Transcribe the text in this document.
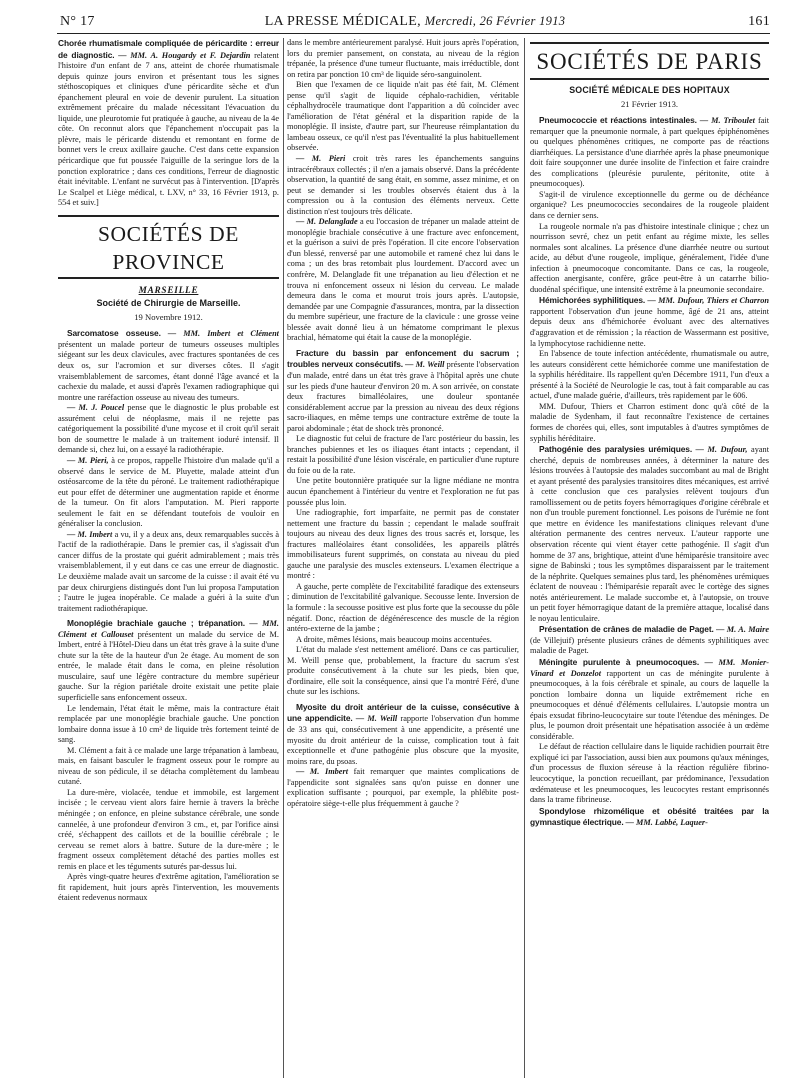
N° 17	LA PRESSE MÉDICALE, Mercredi, 26 Février 1913	161

Chorée rhumatismale compliquée de péricardite : erreur de diagnostic. — MM. A. Hougardy et F. Dejardin relatent l'histoire d'un enfant de 7 ans, atteint de chorée rhumatismale depuis quinze jours environ et présentant tous les signes stéthoscopiques et cliniques d'une péricardite sèche et d'un épanchement pleural en voie de devenir purulent. La situation extrêmement précaire du malade nécessitant l'évacuation du liquide, une pleurotomie fut pratiquée à gauche, au niveau de la 4e côte. On reconnut alors que l'épanchement n'occupait pas la plèvre, mais le péricarde distendu et remontant en forme de bonnet vers le creux axillaire gauche. C'est dans cette expansion péricardique que fut poussée l'aiguille de la seringue lors de la ponction exploratrice ; dans ces conditions, l'erreur de diagnostic était inévitable. L'enfant ne survécut pas à l'intervention. [D'après Le Scalpel et Liège médical, t. LXV, n° 33, 16 Février 1913, p. 554 et suiv.]

SOCIÉTÉS DE PROVINCE
MARSEILLE
Société de Chirurgie de Marseille.
19 Novembre 1912.

Sarcomatose osseuse. — MM. Imbert et Clément présentent un malade porteur de tumeurs osseuses multiples siégeant sur les deux clavicules, avec fractures spontanées de ces deux os, sur l'acromion et sur diverses côtes. Il s'agit vraisemblablement de sarcomes, étant donné l'âge avancé et la cachexie du malade, et aussi d'après l'examen radiographique qui montre une raréfaction osseuse au niveau des tumeurs.

— M. J. Poucel pense que le diagnostic le plus probable est assurément celui de néoplasme, mais il ne rejette pas catégoriquement la possibilité d'une mycose et il croit qu'il serait bon de soumettre le malade à un traitement ioduré intensif. Il demande si, chez lui, on a essayé la radiothérapie.

— M. Pieri, à ce propos, rappelle l'histoire d'un malade qu'il a observé dans le service de M. Pluyette, malade atteint d'un ostéosarcome de la tête du péroné. Le traitement radiothérapique eut pour effet de déterminer une augmentation rapide et énorme de la tumeur. On fit alors l'amputation. M. Pieri rapporte seulement le fait en se défendant toutefois de vouloir en généraliser la conclusion.

— M. Imbert a vu, il y a deux ans, deux remarquables succès à l'actif de la radiothérapie. Dans le premier cas, il s'agissait d'un cancer diffus de la prostate qui guérit admirablement ; mais très vraisemblablement, il y eut dans ce cas une erreur de diagnostic. Le deuxième malade avait un sarcome de la cuisse : il avait été vu par deux chirurgiens distingués dont l'un lui proposa l'amputation ; l'autre le jugea inopérable. Ce malade a guéri à la suite d'un traitement radiothérapique.

Monoplégie brachiale gauche ; trépanation. — MM. Clément et Callouset présentent un malade du service de M. Imbert, entré à l'Hôtel-Dieu dans un état très grave à la suite d'une chute sur la tête de la hauteur d'un 2e étage. Au moment de son entrée, le malade était dans le coma, en pleine résolution musculaire, sauf une légère contracture du membre supérieur gauche. Sur la région pariétale droite existait une petite plaie superficielle sans enfoncement osseux.

Le lendemain, l'état était le même, mais la contracture était remplacée par une monoplégie brachiale gauche. Une ponction lombaire donna issue à 10 cm³ de liquide très fortement teinté de sang.

M. Clément a fait à ce malade une large trépanation à lambeau, mais, en faisant basculer le fragment osseux pour le rompre au niveau de son pédicule, il se détacha complètement du lambeau cutané.

La dure-mère, violacée, tendue et immobile, est largement incisée ; le cerveau vient alors faire hernie à travers la brèche méningée ; on enfonce, en pleine substance cérébrale, une sonde cannelée, à une profondeur d'environ 3 cm., et, par l'orifice ainsi créé, s'échappent des caillots et de la bouillie cérébrale ; le cerveau se remet alors à battre. Suture de la dure-mère ; le fragment osseux complètement détaché des parties molles est remis en place et les téguments suturés par-dessus lui.

Après vingt-quatre heures d'extrême agitation, l'amélioration se fit rapidement, huit jours après l'intervention, les mouvements étaient redevenus normaux

dans le membre antérieurement paralysé. Huit jours après l'opération, lors du premier pansement, on constata, au niveau de la région trépanée, la présence d'une tumeur fluctuante, mais irréductible, dont on retira par ponction 10 cm³ de liquide séro-sanguinolent.

Bien que l'examen de ce liquide n'ait pas été fait, M. Clément pense qu'il s'agit de liquide céphalo-rachidien, véritable céphalhydrocèle traumatique dont l'apparition a dû coïncider avec l'amélioration de l'état général et la disparition rapide de la monoplégie. Il insiste, d'autre part, sur l'heureuse réimplantation du lambeau osseux, ce qu'il n'est pas l'éventualité la plus habituellement observée.

— M. Pieri croit très rares les épanchements sanguins intracérébraux collectés ; il n'en a jamais observé. Dans la précédente observation, la quantité de sang était, en somme, assez minime, et on peut se demander si les troubles observés étaient dus à la compression ou à la contusion des éléments nerveux. Cette distinction n'est toujours très délicate.

— M. Delanglade a eu l'occasion de trépaner un malade atteint de monoplégie brachiale consécutive à une fracture avec enfoncement, et la guérison a suivi de près l'opération. Il cite encore l'observation d'un blessé, renversé par une automobile et ramené chez lui dans le coma ; un des bras retombait plus lourdement. D'accord avec un confrère, M. Delanglade fit une trépanation au lieu d'élection et ne trouva ni enfoncement osseux ni lésion du cerveau. Le malade demeura dans le coma et mourut trois jours après. L'autopsie, demandée par une Compagnie d'assurances, montra, par la dissection du membre supérieur, une fracture de la clavicule : une grosse veine blessée avait donné lieu à un hématome comprimant le plexus brachial, hématome qui était la cause de la monoplégie.

Fracture du bassin par enfoncement du sacrum ; troubles nerveux consécutifs. — M. Weill présente l'observation d'un malade, entré dans un état très grave à l'hôpital après une chute sur les pieds d'une hauteur d'environ 20 m. A son arrivée, on constate deux fractures bimalléolaires, une douleur spontanée considérablement accrue par la pression au niveau des deux régions sacro-iliaques, en même temps une contracture extrême de toute la paroi abdominale ; état de shock très prononcé.

Le diagnostic fut celui de fracture de l'arc postérieur du bassin, les branches pubiennes et les os iliaques étant intacts ; cependant, il restait la possibilité d'une lésion viscérale, en particulier d'une rupture du foie ou de la rate.

Une petite boutonnière pratiquée sur la ligne médiane ne montra aucun épanchement à l'intérieur du ventre et l'exploration ne fut pas poussée plus loin.

Une radiographie, fort imparfaite, ne permit pas de constater nettement une fracture du bassin ; cependant le malade souffrait toujours au niveau des deux lignes des trous sacrés et, lorsque, les fractures malléolaires étant consolidées, les appareils plâtrés immobilisateurs furent supprimés, on constata au niveau du pied gauche une paralysie des muscles extenseurs. L'examen électrique a montré :

A gauche, perte complète de l'excitabilité faradique des extenseurs ; diminution de l'excitabilité galvanique. Secousse lente. Inversion de la formule : la secousse positive est plus forte que la secousse du pôle négatif. Donc, réaction de dégénérescence des muscle de la région antéro-externe de la jambe ;

A droite, mêmes lésions, mais beaucoup moins accentuées.

L'état du malade s'est nettement amélioré. Dans ce cas particulier, M. Weill pense que, probablement, la fracture du sacrum s'est produite consécutivement à la chute sur les pieds, bien que, d'ordinaire, elle soit la conséquence, ainsi que l'a montré Féré, d'une chute sur les ischions.

Myosite du droit antérieur de la cuisse, consécutive à une appendicite. — M. Weill rapporte l'observation d'un homme de 33 ans qui, consécutivement à une appendicite, a présenté une myosite du droit antérieur de la cuisse, complication tout à fait exceptionnelle et d'une pathogénie plus obscure que la myosite, moins rare, du psoas.

— M. Imbert fait remarquer que maintes complications de l'appendicite sont signalées sans qu'on puisse en donner une explication suffisante ; pourquoi, par exemple, la phlébite post-opératoire siège-t-elle plus fréquemment à gauche ?

SOCIÉTÉS DE PARIS
SOCIÉTÉ MÉDICALE DES HOPITAUX
21 Février 1913.

Pneumococcie et réactions intestinales. — M. Triboulet fait remarquer que la pneumonie normale, à part quelques épiphénomènes ou quelques phénomènes critiques, ne comporte pas de réactions diarrhéiques. La persistance d'une diarrhée après la phase pneumonique doit faire soupçonner une durée insolite de l'infection et faire craindre des complications (pleurésie purulente, péritonite, otite à pneumocoques).

S'agit-il de virulence exceptionnelle du germe ou de déchéance organique? Les pneumococcies secondaires de la rougeole plaident dans ce dernier sens.

La rougeole normale n'a pas d'histoire intestinale clinique ; chez un nourrisson sevré, chez un petit enfant au régime mixte, les selles normales sont alcalines. La présence d'une diarrhée neutre ou surtout acide, au début d'une rougeole, implique, généralement, l'idée d'une infection à pneumocoque concomitante. Dans ce cas, la rougeole, affection anergisante, confère, grâce peut-être à un catarrhe bilio-duodénal spécifique, une intensité extrême à la pneumonie secondaire.

Hémichorées syphilitiques. — MM. Dufour, Thiers et Charron rapportent l'observation d'un jeune homme, âgé de 21 ans, atteint depuis deux ans d'hémichorée évoluant avec des alternatives d'aggravation et de rémission ; la réaction de Wassermann est positive, la lymphocytose rachidienne nette.

En l'absence de toute infection antécédente, rhumatismale ou autre, les auteurs considèrent cette hémichorée comme une manifestation de la syphilis héréditaire. Ils rappellent qu'en Décembre 1911, l'un d'eux a présenté à la Société de Neurologie le cas, tout à fait comparable au cas actuel, d'une malade guérie, d'ailleurs, très rapidement par le 606.

MM. Dufour, Thiers et Charron estiment donc qu'à côté de la maladie de Sydenham, il faut reconnaître l'existence de certaines formes de chorées qui, elles, sont imputables à d'autres symptômes de syphilis héréditaire.

Pathogénie des paralysies urémiques. — M. Dufour, ayant cherché, depuis de nombreuses années, à déterminer la nature des lésions trouvées à l'autopsie des malades succombant au mal de Bright et ayant présenté des paralysies transitoires dites mécaniques, est arrivé à cette conclusion que ces paralysies relèvent toujours d'un ramollissement ou de petits foyers hémorragiques d'origine cérébrale et non d'un trouble purement fonctionnel. Les poisons de l'urémie ne font que mettre en évidence les manifestations cliniques relevant d'une altération permanente des centres nerveux. L'auteur rapporte une observation récente qui vient étayer cette pathogénie. Il s'agit d'un homme de 37 ans, brightique, atteint d'une hémiparésie transitoire avec signe de Babinski ; tous les symptômes disparaissent par le traitement de la néphrite. Quelques semaines plus tard, les phénomènes urémiques éclatent de nouveau : l'hémiparésie reparaît avec le cortège des signes notés antérieurement. Le malade succombe et, à l'autopsie, on trouve un petit foyer hémorragique datant de la première attaque, localisé dans le noyau lenticulaire.

Présentation de crânes de maladie de Paget. — M. A. Maire (de Villejuif) présente plusieurs crânes de déments syphilitiques avec maladie de Paget.

Méningite purulente à pneumocoques. — MM. Monier-Vinard et Donzelot rapportent un cas de méningite purulente à pneumocoques, à la fois cérébrale et spinale, au cours de laquelle la ponction lombaire donna un liquide extrêmement riche en pneumocoques et dénué d'éléments cellulaires. L'autopsie montra un épais exsudat fibrino-leucocytaire sur toute l'étendue des méninges. De plus, le poumon droit présentait une hépatisation associée à un œdème considérable.

Le défaut de réaction cellulaire dans le liquide rachidien pourrait être expliqué ici par l'association, aussi bien aux poumons qu'aux méninges, d'un processus de fluxion séreuse à la réaction régulière fibrino-leucocytique, la ponction recueillant, par prédominance, l'exsudation œdémateuse et les pneumocoques, les leucocytes restant emprisonnés dans la trame fibrineuse.

Spondylose rhizomélique et obésité traitées par la gymnastique électrique. — MM. Labbé, Laquer-
